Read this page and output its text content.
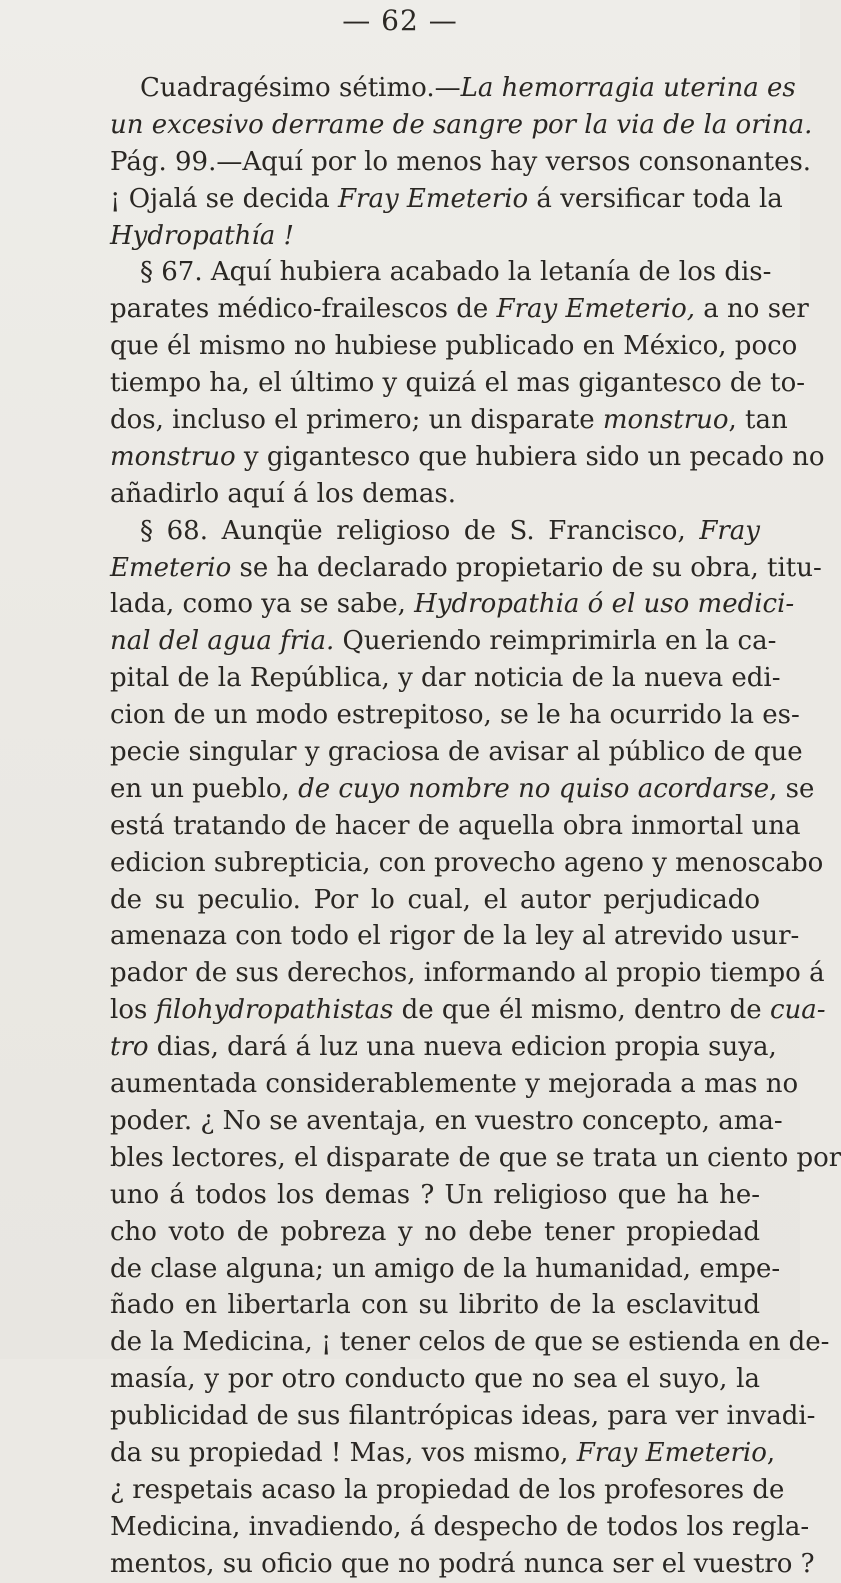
— 62 —
Cuadragésimo sétimo.—La hemorragia uterina es
un excesivo derrame de sangre por la via de la orina.
Pág. 99.—Aquí por lo menos hay versos consonantes.
¡ Ojalá se decida Fray Emeterio á versificar toda la
Hydropathía !
§ 67. Aquí hubiera acabado la letanía de los dis-
parates médico-frailescos de Fray Emeterio, a no ser
que él mismo no hubiese publicado en México, poco
tiempo ha, el último y quizá el mas gigantesco de to-
dos, incluso el primero; un disparate monstruo, tan
monstruo y gigantesco que hubiera sido un pecado no
añadirlo aquí á los demas.
§ 68. Aunqüe religioso de S. Francisco, Fray
Emeterio se ha declarado propietario de su obra, titu-
lada, como ya se sabe, Hydropathia ó el uso medici-
nal del agua fria. Queriendo reimprimirla en la ca-
pital de la República, y dar noticia de la nueva edi-
cion de un modo estrepitoso, se le ha ocurrido la es-
pecie singular y graciosa de avisar al público de que
en un pueblo, de cuyo nombre no quiso acordarse, se
está tratando de hacer de aquella obra inmortal una
edicion subrepticia, con provecho ageno y menoscabo
de su peculio. Por lo cual, el autor perjudicado
amenaza con todo el rigor de la ley al atrevido usur-
pador de sus derechos, informando al propio tiempo á
los filohydropathistas de que él mismo, dentro de cua-
tro dias, dará á luz una nueva edicion propia suya,
aumentada considerablemente y mejorada a mas no
poder. ¿ No se aventaja, en vuestro concepto, ama-
bles lectores, el disparate de que se trata un ciento por
uno á todos los demas ? Un religioso que ha he-
cho voto de pobreza y no debe tener propiedad
de clase alguna; un amigo de la humanidad, empe-
ñado en libertarla con su librito de la esclavitud
de la Medicina, ¡ tener celos de que se estienda en de-
masía, y por otro conducto que no sea el suyo, la
publicidad de sus filantrópicas ideas, para ver invadi-
da su propiedad ! Mas, vos mismo, Fray Emeterio,
¿ respetais acaso la propiedad de los profesores de
Medicina, invadiendo, á despecho de todos los regla-
mentos, su oficio que no podrá nunca ser el vuestro ?
